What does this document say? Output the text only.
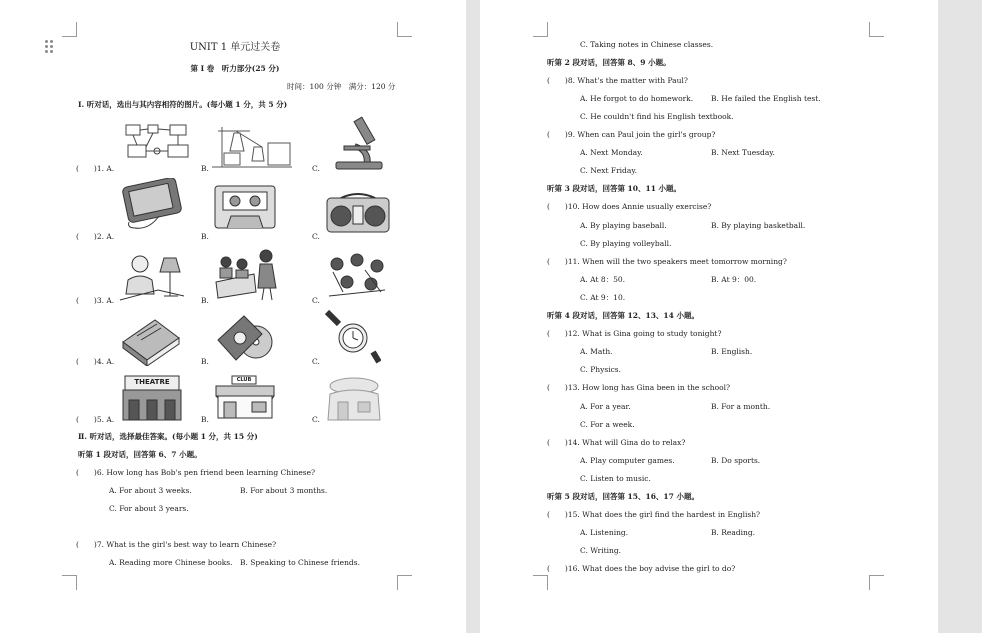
UNIT 1 单元过关卷
第 Ⅰ 卷　听力部分(25 分)
时间：100 分钟　满分：120 分
Ⅰ. 听对话，选出与其内容相符的图片。(每小题 1 分，共 5 分)
(　　)1. A.	B.	C.
(　　)2. A.	B.	C.
(　　)3. A.	B.	C.
(　　)4. A.	B.	C.
THEATRE	CLUB
(　　)5. A.	B.	C.
Ⅱ. 听对话，选择最佳答案。(每小题 1 分，共 15 分)
听第 1 段对话，回答第 6、7 小题。
(　　)6. How long has Bob's pen friend been learning Chinese?
A. For about 3 weeks.	B. For about 3 months.
C. For about 3 years.
(　　)7. What is the girl's best way to learn Chinese?
A. Reading more Chinese books. B. Speaking to Chinese friends.
C. Taking notes in Chinese classes.
听第 2 段对话，回答第 8、9 小题。
(　　)8. What's the matter with Paul?
A. He forgot to do homework. B. He failed the English test.
C. He couldn't find his English textbook.
(　　)9. When can Paul join the girl's group?
A. Next Monday.	B. Next Tuesday.
C. Next Friday.
听第 3 段对话，回答第 10、11 小题。
(　　)10. How does Annie usually exercise?
A. By playing baseball.	B. By playing basketball.
C. By playing volleyball.
(　　)11. When will the two speakers meet tomorrow morning?
A. At 8：50.	B. At 9：00.
C. At 9：10.
听第 4 段对话，回答第 12、13、14 小题。
(　　)12. What is Gina going to study tonight?
A. Math.	B. English.
C. Physics.
(　　)13. How long has Gina been in the school?
A. For a year.	B. For a month.
C. For a week.
(　　)14. What will Gina do to relax?
A. Play computer games.	B. Do sports.
C. Listen to music.
听第 5 段对话，回答第 15、16、17 小题。
(　　)15. What does the girl find the hardest in English?
A. Listening.	B. Reading.
C. Writing.
(　　)16. What does the boy advise the girl to do?
